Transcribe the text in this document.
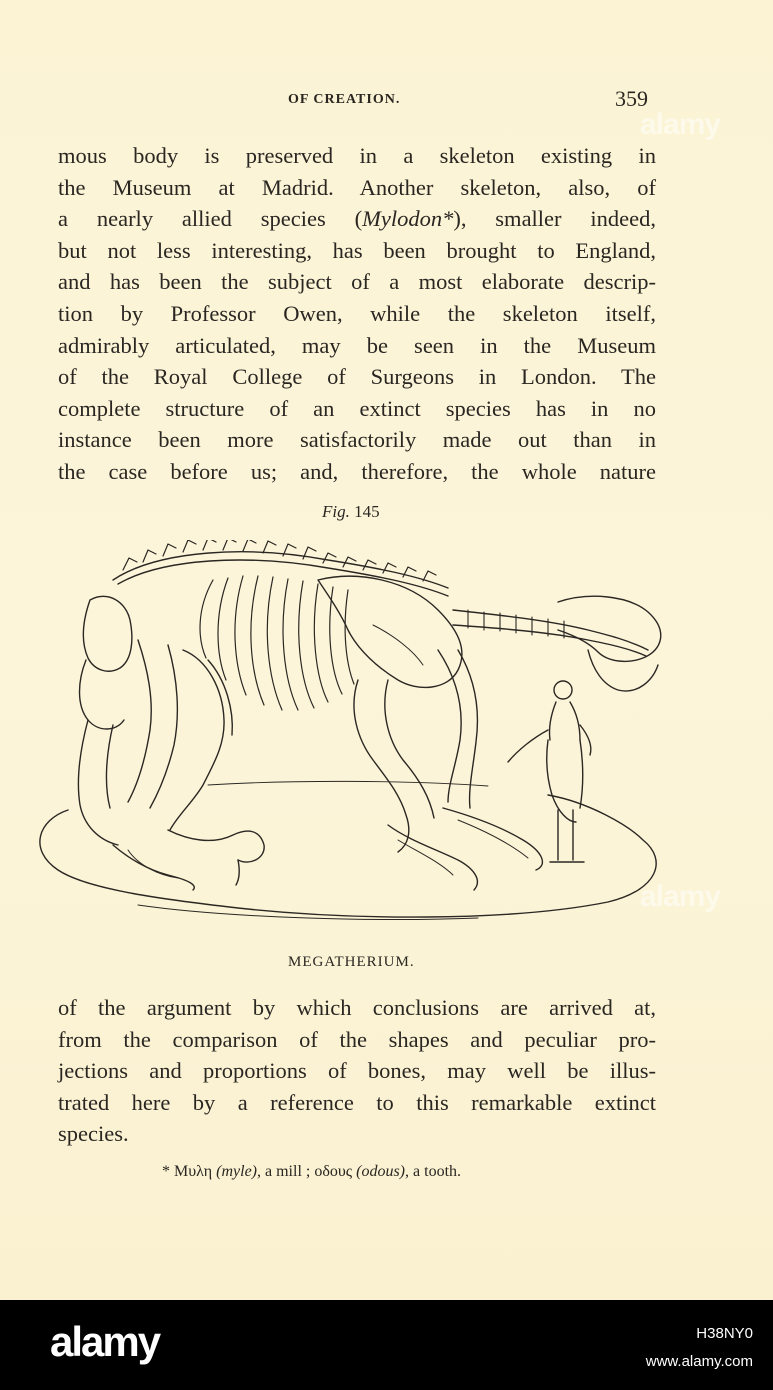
OF CREATION.	359
mous body is preserved in a skeleton existing in
the Museum at Madrid. Another skeleton, also, of
a nearly allied species (Mylodon*), smaller indeed,
but not less interesting, has been brought to England,
and has been the subject of a most elaborate descrip-
tion by Professor Owen, while the skeleton itself,
admirably articulated, may be seen in the Museum
of the Royal College of Surgeons in London. The
complete structure of an extinct species has in no
instance been more satisfactorily made out than in
the case before us; and, therefore, the whole nature
Fig. 145
MEGATHERIUM.
of the argument by which conclusions are arrived at,
from the comparison of the shapes and peculiar pro-
jections and proportions of bones, may well be illus-
trated here by a reference to this remarkable extinct
species.
* Μυλη (myle), a mill ; οδους (odous), a tooth.
alamy
alamy
alamy	H38NY0
www.alamy.com
